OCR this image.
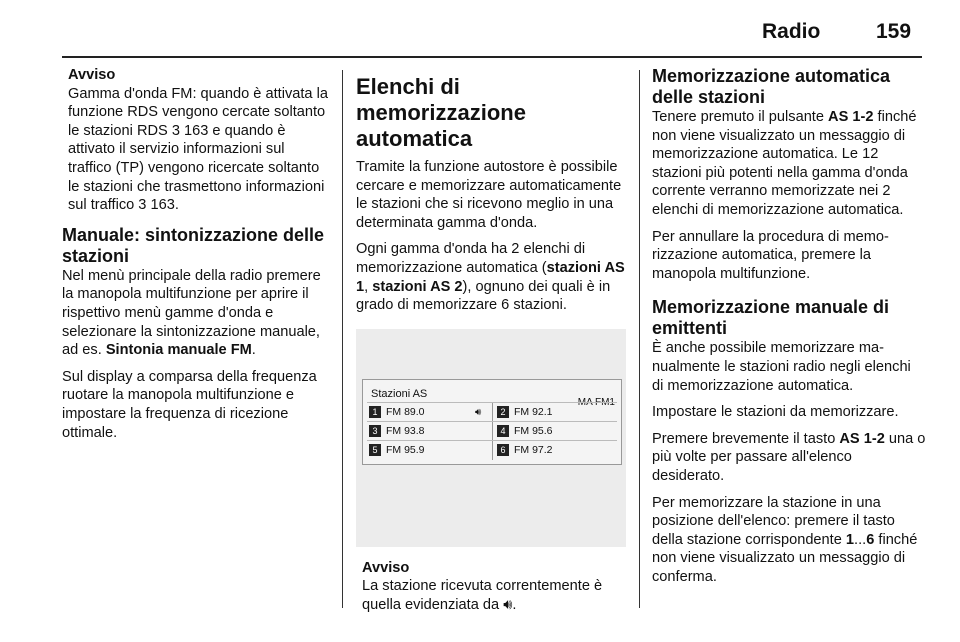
Radio	159
Avviso
Gamma d'onda FM: quando è attivata la funzione RDS vengono cercate soltanto le stazioni RDS 3 163 e quando è attivato il servizio informazioni sul traffico (TP) vengono ricercate soltanto le stazioni che trasmettono informazioni sul traffico 3 163.
Manuale: sintonizzazione delle stazioni

Nel menù principale della radio premere la manopola multifunzione per aprire il rispettivo menù gamme d'onda e selezionare la sintonizzazione manuale, ad es. Sintonia manuale FM.

Sul display a comparsa della frequenza ruotare la manopola multifunzione e impostare la frequenza di ricezione ottimale.

Elenchi di memorizzazione automatica

Tramite la funzione autostore è possibile cercare e memorizzare automaticamente le stazioni che si ricevono meglio in una determinata gamma d'onda.

Ogni gamma d'onda ha 2 elenchi di memorizzazione automatica (stazioni AS 1, stazioni AS 2), ognuno dei quali è in grado di memorizzare 6 stazioni.

Stazioni AS
1 FM 89.0	🔊︎	2 FM 92.1
3 FM 93.8	4 FM 95.6
5 FM 95.9	6 FM 97.2
Avviso
La stazione ricevuta correntemente è quella evidenziata da 🔊︎.
Memorizzazione automatica delle stazioni

Tenere premuto il pulsante AS 1-2 finché non viene visualizzato un messaggio di memorizzazione automatica. Le 12 stazioni più potenti nella gamma d'onda corrente verranno memorizzate nei 2 elenchi di memorizzazione automatica.

Per annullare la procedura di memorizzazione automatica, premere la manopola multifunzione.

Memorizzazione manuale di emittenti

È anche possibile memorizzare manualmente le stazioni radio negli elenchi di memorizzazione automatica.

Impostare le stazioni da memorizzare.

Premere brevemente il tasto AS 1-2 una o più volte per passare all'elenco desiderato.

Per memorizzare la stazione in una posizione dell'elenco: premere il tasto della stazione corrispondente 1...6 finché non viene visualizzato un messaggio di conferma.
